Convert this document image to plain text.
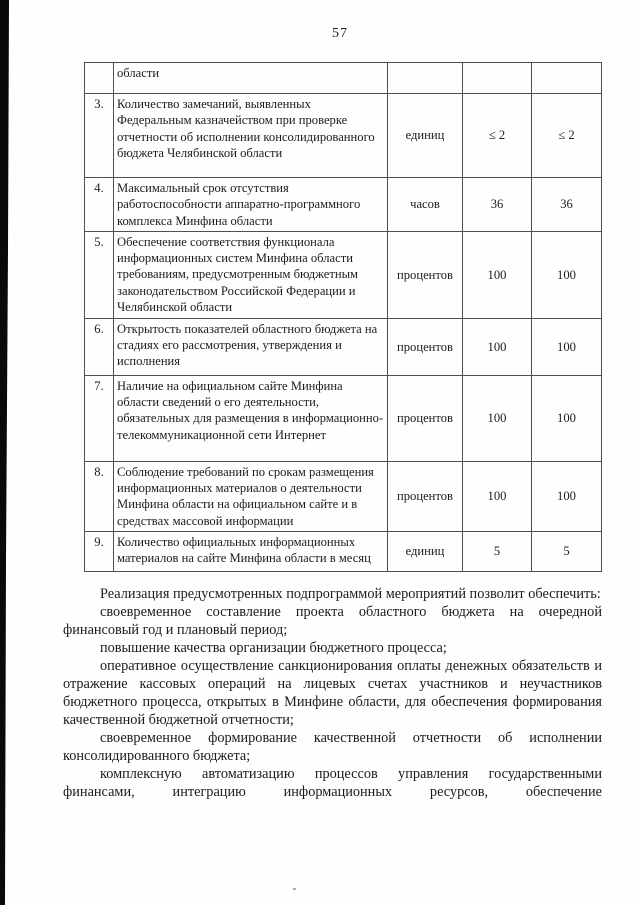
57
	области			
3.	Количество замечаний, выявленных Федеральным казначейством при проверке отчетности об исполнении консолидированного бюджета Челябинской области	единиц	≤ 2	≤ 2
4.	Максимальный срок отсутствия работоспособности аппаратно-программного комплекса Минфина области	часов	36	36
5.	Обеспечение соответствия функционала информационных систем Минфина области требованиям, предусмотренным бюджетным законодательством Российской Федерации и Челябинской области	процентов	100	100
6.	Открытость показателей областного бюджета на стадиях его рассмотрения, утверждения и исполнения	процентов	100	100
7.	Наличие на официальном сайте Минфина области сведений о его деятельности, обязательных для размещения в информационно-телекоммуникационной сети Интернет	процентов	100	100
8.	Соблюдение требований по срокам размещения информационных материалов о деятельности Минфина области на официальном сайте и в средствах массовой информации	процентов	100	100
9.	Количество официальных информационных материалов на сайте Минфина области в месяц	единиц	5	5

Реализация предусмотренных подпрограммой мероприятий позволит обеспечить:

своевременное составление проекта областного бюджета на очередной финансовый год и плановый период;

повышение качества организации бюджетного процесса;

оперативное осуществление санкционирования оплаты денежных обязательств и отражение кассовых операций на лицевых счетах участников и неучастников бюджетного процесса, открытых в Минфине области, для обеспечения формирования качественной бюджетной отчетности;

своевременное формирование качественной отчетности об исполнении консолидированного бюджета;

комплексную автоматизацию процессов управления государственными финансами, интеграцию информационных ресурсов, обеспечение
